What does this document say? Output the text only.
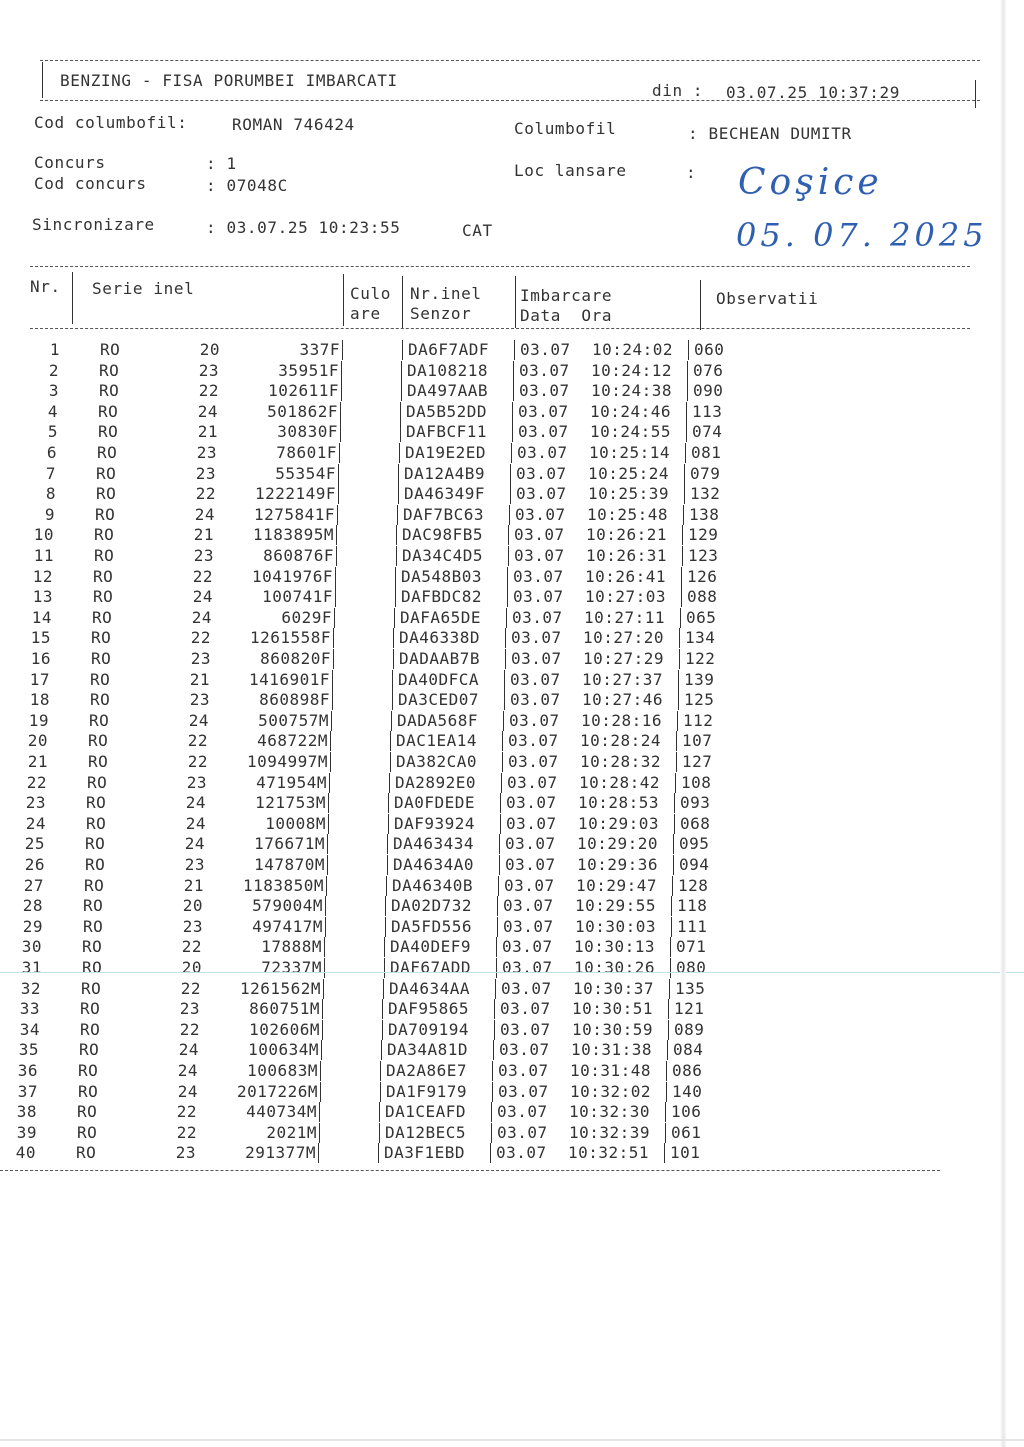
BENZING - FISA PORUMBEI IMBARCATI
din : 03.07.25 10:37:29
Cod columbofil:	ROMAN 746424	Columbofil	: BECHEAN DUMITR
Concurs	: 1
Cod concurs	: 07048C
Loc lansare	:
Sincronizare	: 03.07.25 10:23:55	CAT
Coşice
05. 07. 2025
Nr. Serie inel	Culo
are
Nr.inel
Senzor
Imbarcare
Data  Ora
Observatii
1	RO	20	337F	DA6F7ADF 03.07 10:24:02 060
2	RO	23	35951F	DA108218 03.07 10:24:12 076
3	RO	22	102611F	DA497AAB 03.07 10:24:38 090
4	RO	24	501862F	DA5B52DD 03.07 10:24:46 113
5	RO	21	30830F	DAFBCF11 03.07 10:24:55 074
6	RO	23	78601F	DA19E2ED 03.07 10:25:14 081
7	RO	23	55354F	DA12A4B9 03.07 10:25:24 079
8	RO	22	1222149F	DA46349F 03.07 10:25:39 132
9	RO	24	1275841F	DAF7BC63 03.07 10:25:48 138
10	RO	21	1183895M	DAC98FB5 03.07 10:26:21 129
11	RO	23	860876F	DA34C4D5 03.07 10:26:31 123
12	RO	22	1041976F	DA548B03 03.07 10:26:41 126
13	RO	24	100741F	DAFBDC82 03.07 10:27:03 088
14	RO	24	6029F	DAFA65DE 03.07 10:27:11 065
15	RO	22	1261558F	DA46338D 03.07 10:27:20 134
16	RO	23	860820F	DADAAB7B 03.07 10:27:29 122
17	RO	21	1416901F	DA40DFCA 03.07 10:27:37 139
18	RO	23	860898F	DA3CED07 03.07 10:27:46 125
19	RO	24	500757M	DADA568F 03.07 10:28:16 112
20	RO	22	468722M	DAC1EA14 03.07 10:28:24 107
21	RO	22	1094997M	DA382CA0 03.07 10:28:32 127
22	RO	23	471954M	DA2892E0 03.07 10:28:42 108
23	RO	24	121753M	DA0FDEDE 03.07 10:28:53 093
24	RO	24	10008M	DAF93924 03.07 10:29:03 068
25	RO	24	176671M	DA463434 03.07 10:29:20 095
26	RO	23	147870M	DA4634A0 03.07 10:29:36 094
27	RO	21	1183850M	DA46340B 03.07 10:29:47 128
28	RO	20	579004M	DA02D732 03.07 10:29:55 118
29	RO	23	497417M	DA5FD556 03.07 10:30:03 111
30	RO	22	17888M	DA40DEF9 03.07 10:30:13 071
31	RO	20	72337M	DAF67ADD 03.07 10:30:26 080
32	RO	22	1261562M	DA4634AA 03.07 10:30:37 135
33	RO	23	860751M	DAF95865 03.07 10:30:51 121
34	RO	22	102606M	DA709194 03.07 10:30:59 089
35	RO	24	100634M	DA34A81D 03.07 10:31:38 084
36	RO	24	100683M	DA2A86E7 03.07 10:31:48 086
37	RO	24	2017226M	DA1F9179 03.07 10:32:02 140
38	RO	22	440734M	DA1CEAFD 03.07 10:32:30 106
39	RO	22	2021M	DA12BEC5 03.07 10:32:39 061
40	RO	23	291377M	DA3F1EBD 03.07 10:32:51 101
